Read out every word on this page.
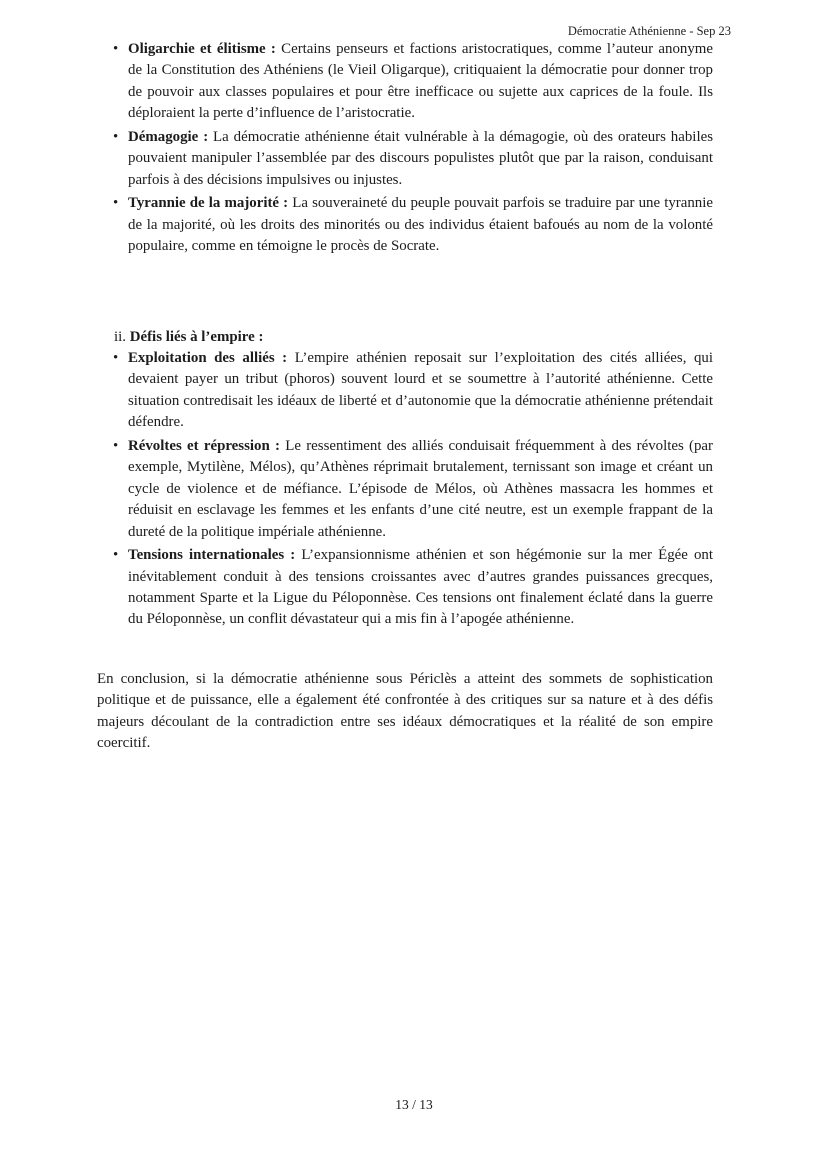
Démocratie Athénienne - Sep 23
• Oligarchie et élitisme : Certains penseurs et factions aristocratiques, comme l’auteur anonyme de la Constitution des Athéniens (le Vieil Oligarque), critiquaient la démocratie pour donner trop de pouvoir aux classes populaires et pour être inefficace ou sujette aux caprices de la foule. Ils déploraient la perte d’influence de l’aristocratie.
• Démagogie : La démocratie athénienne était vulnérable à la démagogie, où des orateurs habiles pouvaient manipuler l’assemblée par des discours populistes plutôt que par la raison, conduisant parfois à des décisions impulsives ou injustes.
• Tyrannie de la majorité : La souveraineté du peuple pouvait parfois se traduire par une tyrannie de la majorité, où les droits des minorités ou des individus étaient bafoués au nom de la volonté populaire, comme en témoigne le procès de Socrate.
ii. Défis liés à l’empire :
• Exploitation des alliés : L’empire athénien reposait sur l’exploitation des cités alliées, qui devaient payer un tribut (phoros) souvent lourd et se soumettre à l’autorité athénienne. Cette situation contredisait les idéaux de liberté et d’autonomie que la démocratie athénienne prétendait défendre.
• Révoltes et répression : Le ressentiment des alliés conduisait fréquemment à des révoltes (par exemple, Mytilène, Mélos), qu’Athènes réprimait brutalement, ternissant son image et créant un cycle de violence et de méfiance. L’épisode de Mélos, où Athènes massacra les hommes et réduisit en esclavage les femmes et les enfants d’une cité neutre, est un exemple frappant de la dureté de la politique impériale athénienne.
• Tensions internationales : L’expansionnisme athénien et son hégémonie sur la mer Égée ont inévitablement conduit à des tensions croissantes avec d’autres grandes puissances grecques, notamment Sparte et la Ligue du Péloponnèse. Ces tensions ont finalement éclaté dans la guerre du Péloponnèse, un conflit dévastateur qui a mis fin à l’apogée athénienne.

En conclusion, si la démocratie athénienne sous Périclès a atteint des sommets de sophistication politique et de puissance, elle a également été confrontée à des critiques sur sa nature et à des défis majeurs découlant de la contradiction entre ses idéaux démocratiques et la réalité de son empire coercitif.

13 / 13
